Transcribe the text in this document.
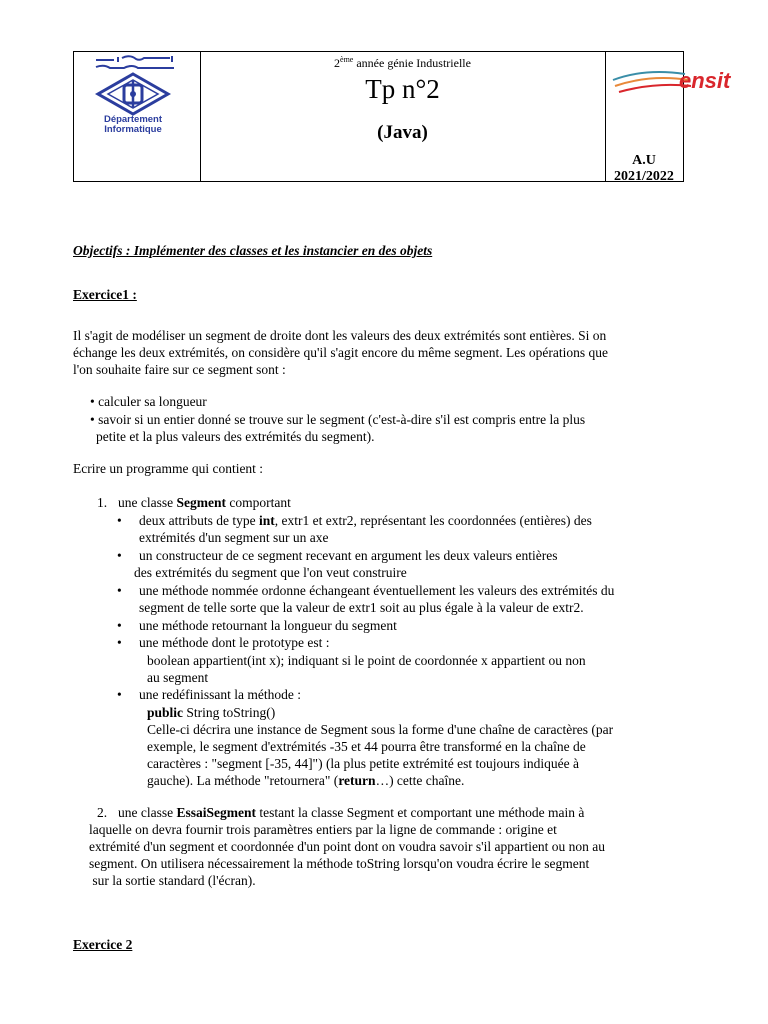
Département
Informatique
2ème année génie Industrielle
Tp n°2
(Java)
ensit
A.U 2021/2022
Objectifs : Implémenter des classes et les instancier en des objets
Exercice1 :
Il s'agit de modéliser un segment de droite dont les valeurs des deux extrémités sont entières. Si on
échange les deux extrémités, on considère qu'il s'agit encore du même segment. Les opérations que
l'on souhaite faire sur ce segment sont :
• calculer sa longueur
• savoir si un entier donné se trouve sur le segment (c'est-à-dire s'il est compris entre la plus
petite et la plus valeurs des extrémités du segment).
Ecrire un programme qui contient :
1. une classe Segment comportant
• deux attributs de type int, extr1 et extr2, représentant les coordonnées (entières) des
extrémités d'un segment sur un axe
• un constructeur de ce segment recevant en argument les deux valeurs entières
des extrémités du segment que l'on veut construire
• une méthode nommée ordonne échangeant éventuellement les valeurs des extrémités du
segment de telle sorte que la valeur de extr1 soit au plus égale à la valeur de extr2.
• une méthode retournant la longueur du segment
• une méthode dont le prototype est :
boolean appartient(int x); indiquant si le point de coordonnée x appartient ou non
au segment
• une redéfinissant la méthode :
public String toString()
Celle-ci décrira une instance de Segment sous la forme d'une chaîne de caractères (par
exemple, le segment d'extrémités -35 et 44 pourra être transformé en la chaîne de
caractères : "segment [-35, 44]") (la plus petite extrémité est toujours indiquée à
gauche). La méthode "retournera" (return…) cette chaîne.
2. une classe EssaiSegment testant la classe Segment et comportant une méthode main à
laquelle on devra fournir trois paramètres entiers par la ligne de commande : origine et
extrémité d'un segment et coordonnée d'un point dont on voudra savoir s'il appartient ou non au
segment. On utilisera nécessairement la méthode toString lorsqu'on voudra écrire le segment
sur la sortie standard (l'écran).
Exercice 2
